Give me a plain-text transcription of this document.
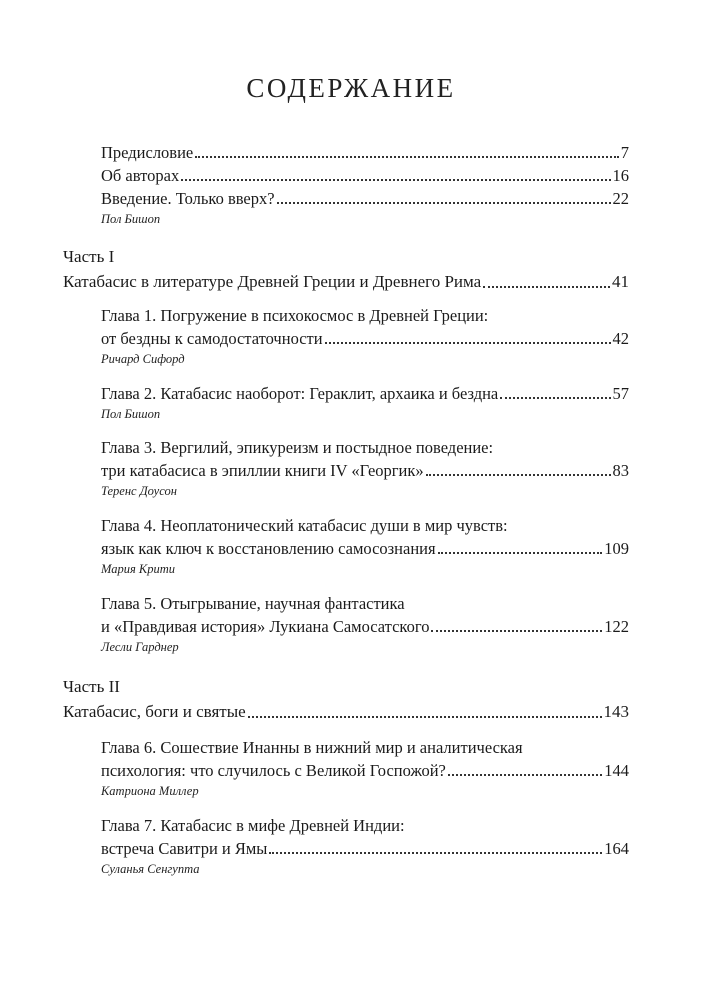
СОДЕРЖАНИЕ
Предисловие	7
Об авторах	16
Введение. Только вверх?	22
Пол Бишоп
Часть I
Катабасис в литературе Древней Греции и Древнего Рима	41
Глава 1. Погружение в психокосмос в Древней Греции:
от бездны к самодостаточности	42
Ричард Сифорд
Глава 2. Катабасис наоборот: Гераклит, архаика и бездна	57
Пол Бишоп
Глава 3. Вергилий, эпикуреизм и постыдное поведение:
три катабасиса в эпиллии книги IV «Георгик»	83
Теренс Доусон
Глава 4. Неоплатонический катабасис души в мир чувств:
язык как ключ к восстановлению самосознания	109
Мария Крити
Глава 5. Отыгрывание, научная фантастика
и «Правдивая история» Лукиана Самосатского	122
Лесли Гарднер
Часть II
Катабасис, боги и святые	143
Глава 6. Сошествие Инанны в нижний мир и аналитическая
психология: что случилось с Великой Госпожой?	144
Катриона Миллер
Глава 7. Катабасис в мифе Древней Индии:
встреча Савитри и Ямы	164
Суланья Сенгупта
